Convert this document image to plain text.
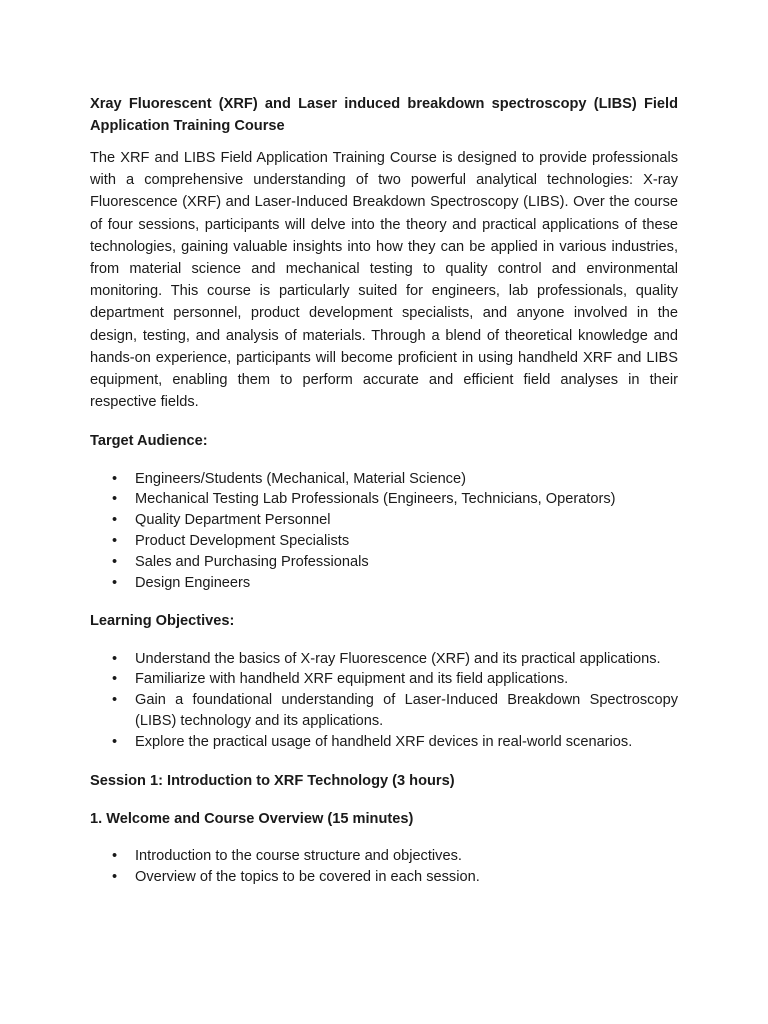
Xray Fluorescent (XRF) and Laser induced breakdown spectroscopy (LIBS) Field Application Training Course

The XRF and LIBS Field Application Training Course is designed to provide professionals with a comprehensive understanding of two powerful analytical technologies: X-ray Fluorescence (XRF) and Laser-Induced Breakdown Spectroscopy (LIBS). Over the course of four sessions, participants will delve into the theory and practical applications of these technologies, gaining valuable insights into how they can be applied in various industries, from material science and mechanical testing to quality control and environmental monitoring. This course is particularly suited for engineers, lab professionals, quality department personnel, product development specialists, and anyone involved in the design, testing, and analysis of materials. Through a blend of theoretical knowledge and hands-on experience, participants will become proficient in using handheld XRF and LIBS equipment, enabling them to perform accurate and efficient field analyses in their respective fields.

Target Audience:

• Engineers/Students (Mechanical, Material Science)
• Mechanical Testing Lab Professionals (Engineers, Technicians, Operators)
• Quality Department Personnel
• Product Development Specialists
• Sales and Purchasing Professionals
• Design Engineers

Learning Objectives:

• Understand the basics of X-ray Fluorescence (XRF) and its practical applications.
• Familiarize with handheld XRF equipment and its field applications.
• Gain a foundational understanding of Laser-Induced Breakdown Spectroscopy (LIBS) technology and its applications.
• Explore the practical usage of handheld XRF devices in real-world scenarios.

Session 1: Introduction to XRF Technology (3 hours)

1. Welcome and Course Overview (15 minutes)

• Introduction to the course structure and objectives.
• Overview of the topics to be covered in each session.
